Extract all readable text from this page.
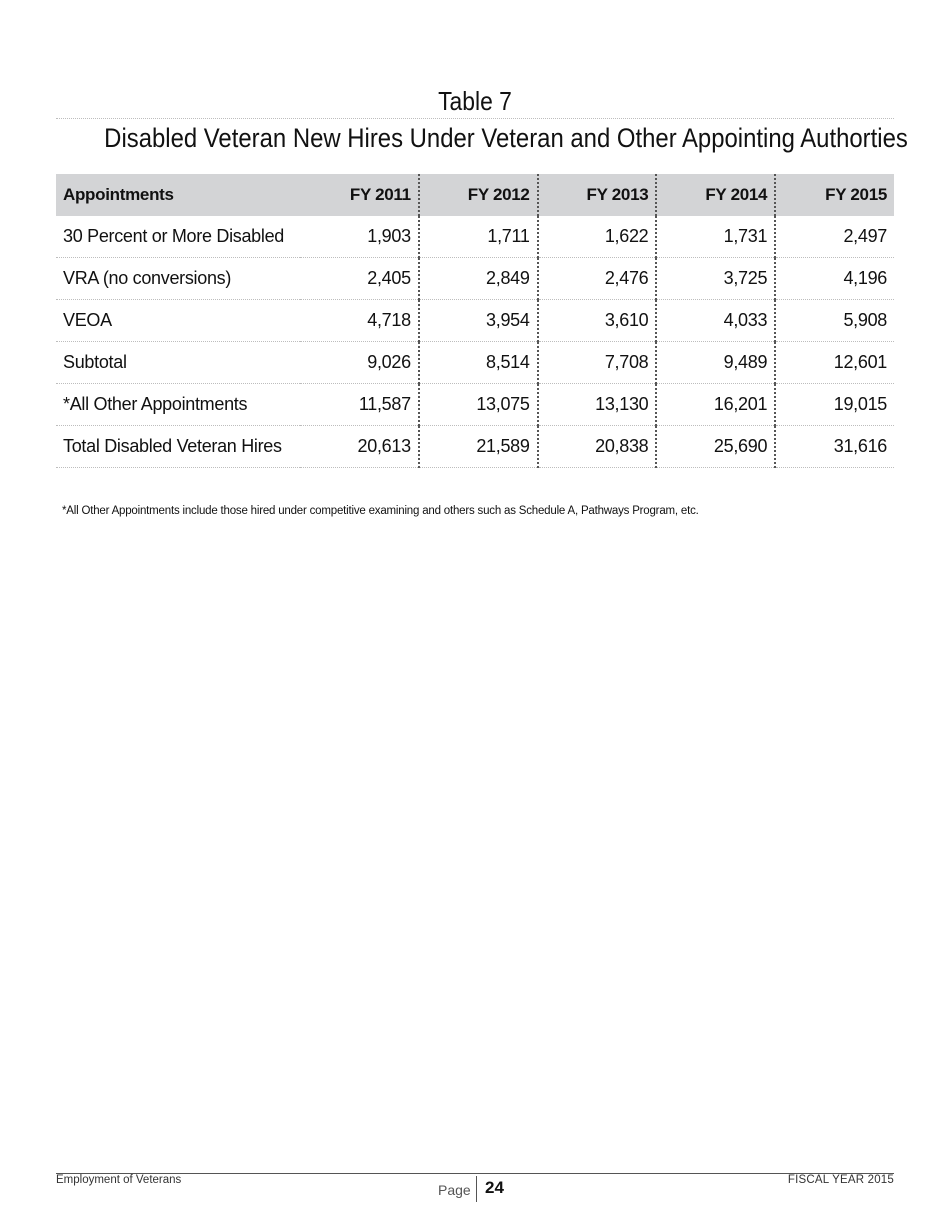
Table 7
Disabled Veteran New Hires Under Veteran and Other Appointing Authorties
Appointments	FY 2011	FY 2012	FY 2013	FY 2014	FY 2015
30 Percent or More Disabled	1,903	1,711	1,622	1,731	2,497
VRA (no conversions)	2,405	2,849	2,476	3,725	4,196
VEOA	4,718	3,954	3,610	4,033	5,908
Subtotal	9,026	8,514	7,708	9,489	12,601
*All Other Appointments	11,587	13,075	13,130	16,201	19,015
Total Disabled Veteran Hires	20,613	21,589	20,838	25,690	31,616
*All Other Appointments include those hired under competitive examining and others such as Schedule A, Pathways Program, etc.
Employment of Veterans
Page 24	FISCAL YEAR 2015
